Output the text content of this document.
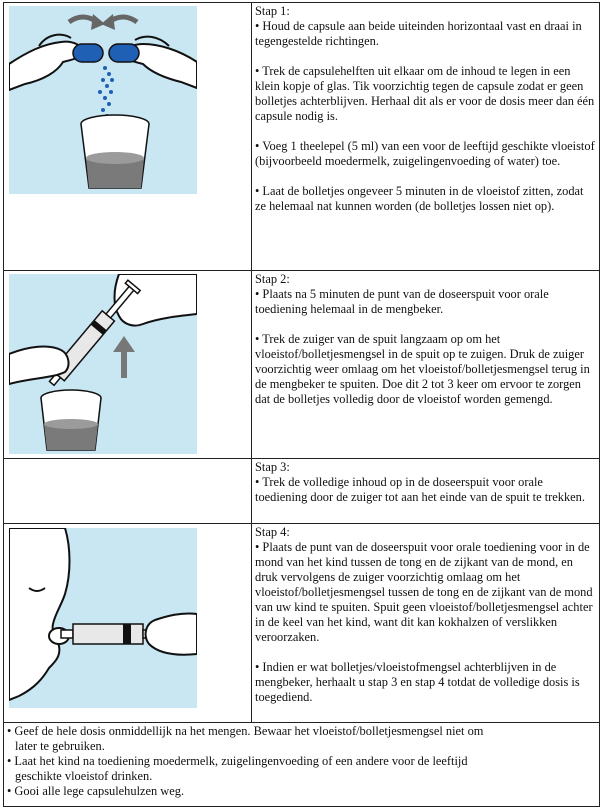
Stap 1:

• Houd de capsule aan beide uiteinden horizontaal vast en draai in tegengestelde richtingen.

• Trek de capsulehelften uit elkaar om de inhoud te legen in een klein kopje of glas. Tik voorzichtig tegen de capsule zodat er geen bolletjes achterblijven. Herhaal dit als er voor de dosis meer dan één capsule nodig is.

• Voeg 1 theelepel (5 ml) van een voor de leeftijd geschikte vloeistof (bijvoorbeeld moedermelk, zuigelingenvoeding of water) toe.

• Laat de bolletjes ongeveer 5 minuten in de vloeistof zitten, zodat ze helemaal nat kunnen worden (de bolletjes lossen niet op).

Stap 2:

• Plaats na 5 minuten de punt van de doseerspuit voor orale toediening helemaal in de mengbeker.

• Trek de zuiger van de spuit langzaam op om het vloeistof/bolletjesmengsel in de spuit op te zuigen. Druk de zuiger voorzichtig weer omlaag om het vloeistof/bolletjesmengsel terug in de mengbeker te spuiten. Doe dit 2 tot 3 keer om ervoor te zorgen dat de bolletjes volledig door de vloeistof worden gemengd.

Stap 3:

• Trek de volledige inhoud op in de doseerspuit voor orale toediening door de zuiger tot aan het einde van de spuit te trekken.

Stap 4:

• Plaats de punt van de doseerspuit voor orale toediening voor in de mond van het kind tussen de tong en de zijkant van de mond, en druk vervolgens de zuiger voorzichtig omlaag om het vloeistof/bolletjesmengsel tussen de tong en de zijkant van de mond van uw kind te spuiten. Spuit geen vloeistof/bolletjesmengsel achter in de keel van het kind, want dit kan kokhalzen of verslikken veroorzaken.

• Indien er wat bolletjes/vloeistofmengsel achterblijven in de mengbeker, herhaalt u stap 3 en stap 4 totdat de volledige dosis is toegediend.

• Geef de hele dosis onmiddellijk na het mengen. Bewaar het vloeistof/bolletjesmengsel niet om

later te gebruiken.

• Laat het kind na toediening moedermelk, zuigelingenvoeding of een andere voor de leeftijd

geschikte vloeistof drinken.

• Gooi alle lege capsulehulzen weg.
